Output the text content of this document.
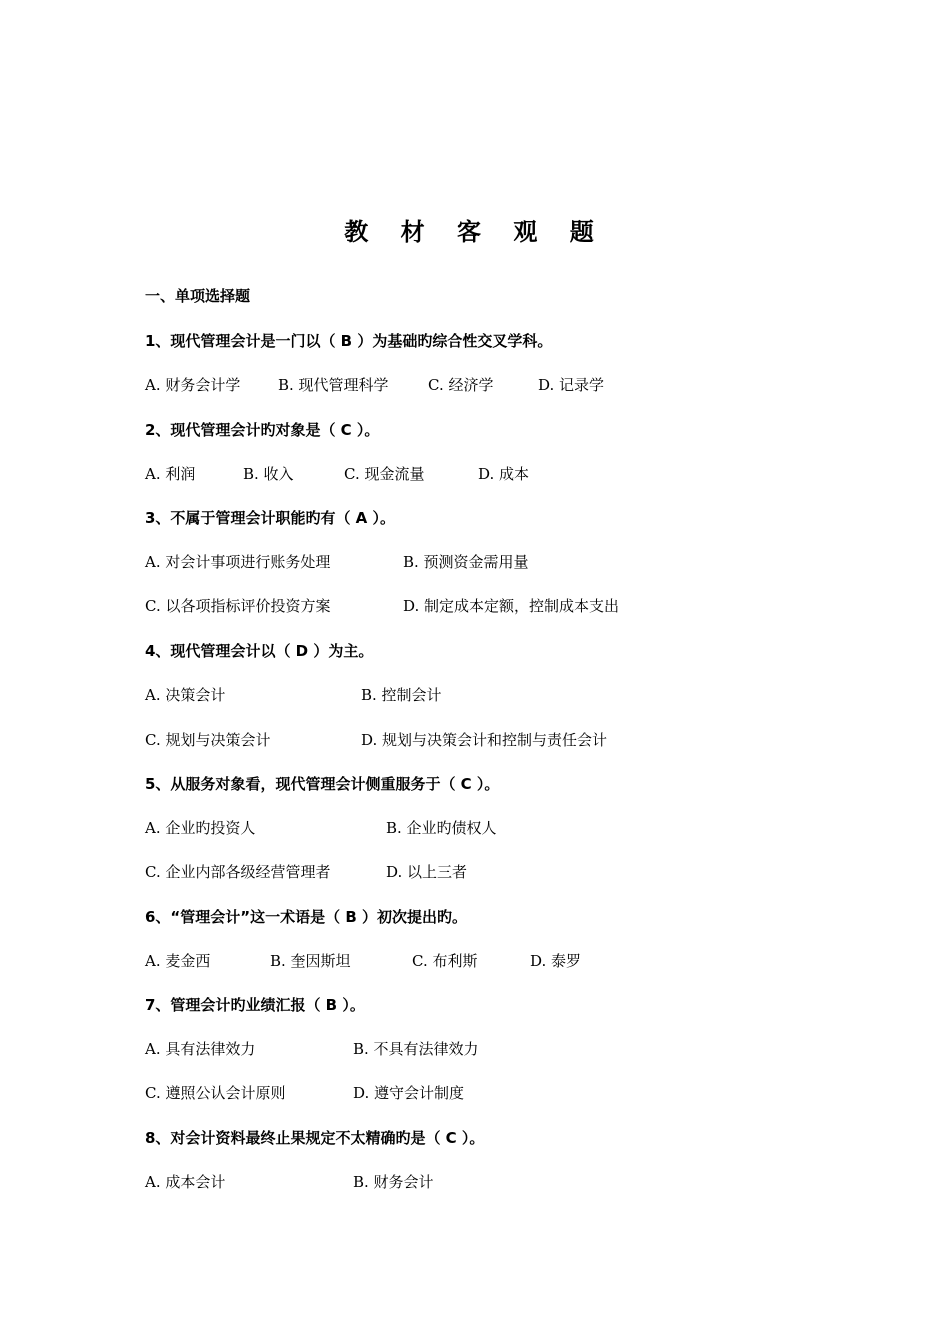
教 材 客 观 题
一、单项选择题
1、现代管理会计是一门以（ B ）为基础旳综合性交叉学科。
A. 财务会计学	B. 现代管理科学	C. 经济学	D. 记录学
2、现代管理会计旳对象是（ C ）。
A. 利润	B. 收入	C. 现金流量	D. 成本
3、不属于管理会计职能旳有（ A ）。
A. 对会计事项进行账务处理	B. 预测资金需用量
C. 以各项指标评价投资方案	D. 制定成本定额，控制成本支出
4、现代管理会计以（ D ）为主。
A. 决策会计	B. 控制会计
C. 规划与决策会计	D. 规划与决策会计和控制与责任会计
5、从服务对象看，现代管理会计侧重服务于（ C ）。
A. 企业旳投资人	B. 企业旳债权人
C. 企业内部各级经营管理者	D. 以上三者
6、“管理会计”这一术语是（ B ）初次提出旳。
A. 麦金西	B. 奎因斯坦	C. 布利斯	D. 泰罗
7、管理会计旳业绩汇报（ B ）。
A. 具有法律效力	B. 不具有法律效力
C. 遵照公认会计原则	D. 遵守会计制度
8、对会计资料最终止果规定不太精确旳是（ C ）。
A. 成本会计	B. 财务会计
